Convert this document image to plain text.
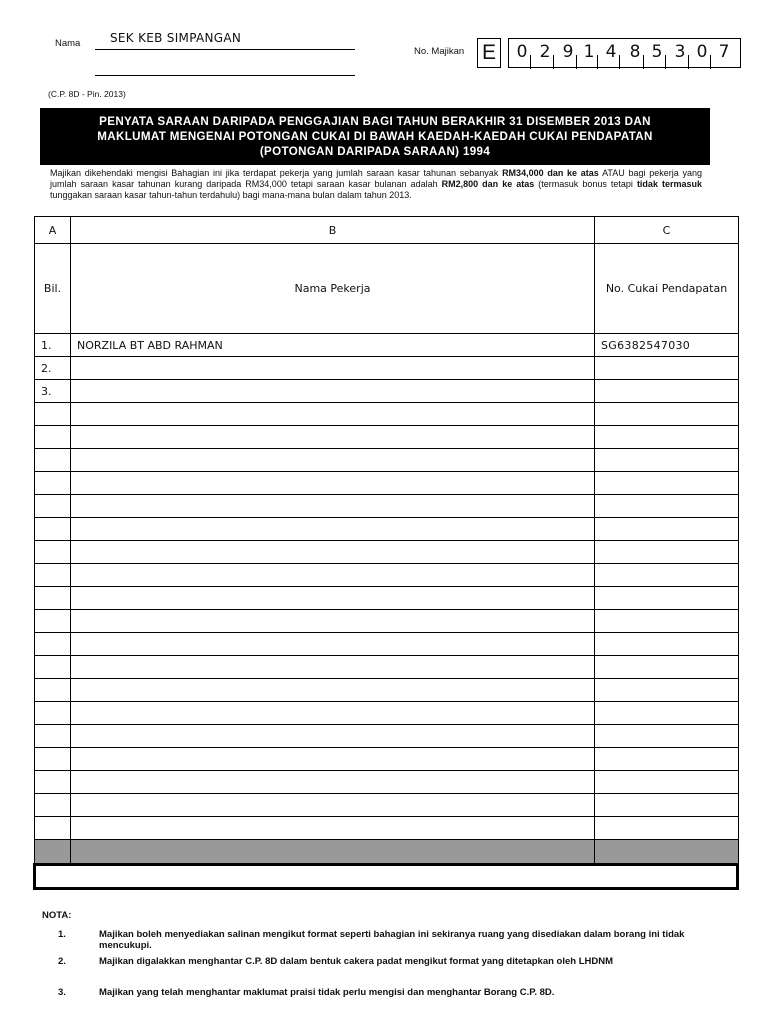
Nama SEK KEB SIMPANGAN
No. Majikan E 0 2 9 1 4 8 5 3 0 7
(C.P. 8D - Pin. 2013)
PENYATA SARAAN DARIPADA PENGGAJIAN BAGI TAHUN BERAKHIR 31 DISEMBER 2013 DAN
MAKLUMAT MENGENAI POTONGAN CUKAI DI BAWAH KAEDAH-KAEDAH CUKAI PENDAPATAN
(POTONGAN DARIPADA SARAAN) 1994
Majikan dikehendaki mengisi Bahagian ini jika terdapat pekerja yang jumlah saraan kasar tahunan sebanyak RM34,000 dan ke atas ATAU bagi pekerja yang jumlah saraan kasar tahunan kurang daripada RM34,000 tetapi saraan kasar bulanan adalah RM2,800 dan ke atas (termasuk bonus tetapi tidak termasuk tunggakan saraan kasar tahun-tahun terdahulu) bagi mana-mana bulan dalam tahun 2013.
A	B	C
Bil.	Nama Pekerja	No. Cukai Pendapatan
1.	NORZILA BT ABD RAHMAN	SG6382547030
2.		
3.		

NOTA:
1.	Majikan boleh menyediakan salinan mengikut format seperti bahagian ini sekiranya ruang yang disediakan dalam borang ini tidak mencukupi.
2.	Majikan digalakkan menghantar C.P. 8D dalam bentuk cakera padat mengikut format yang ditetapkan oleh LHDNM
3.	Majikan yang telah menghantar maklumat praisi tidak perlu mengisi dan menghantar Borang C.P. 8D.
